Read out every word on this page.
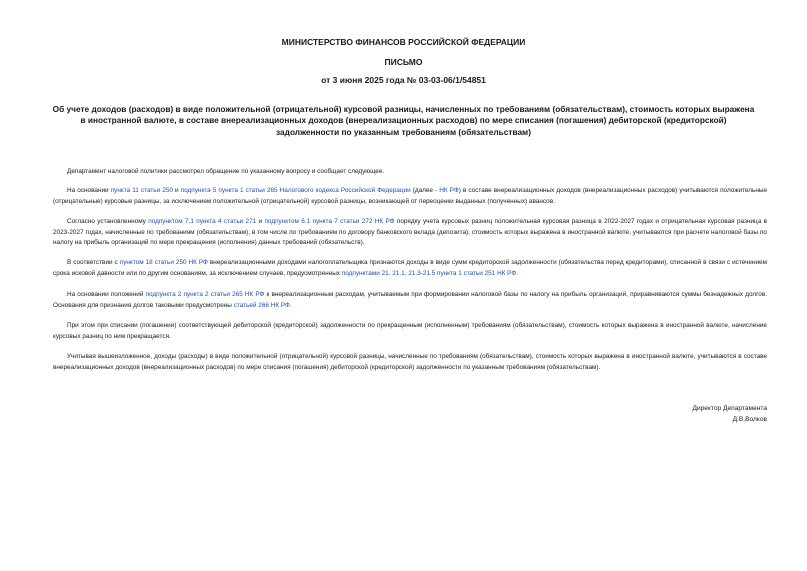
МИНИСТЕРСТВО ФИНАНСОВ РОССИЙСКОЙ ФЕДЕРАЦИИ
ПИСЬМО
от 3 июня 2025 года № 03-03-06/1/54851
Об учете доходов (расходов) в виде положительной (отрицательной) курсовой разницы, начисленных по требованиям (обязательствам), стоимость которых выражена в иностранной валюте, в составе внереализационных доходов (внереализационных расходов) по мере списания (погашения) дебиторской (кредиторской) задолженности по указанным требованиям (обязательствам)

Департамент налоговой политики рассмотрел обращение по указанному вопросу и сообщает следующее.

На основании пункта 11 статьи 250 и подпункта 5 пункта 1 статьи 265 Налогового кодекса Российской Федерации (далее - НК РФ) в составе внереализационных доходов (внереализационных расходов) учитываются положительные (отрицательные) курсовые разницы, за исключением положительной (отрицательной) курсовой разницы, возникающей от переоценки выданных (полученных) авансов.

Согласно установленному подпунктом 7.1 пункта 4 статьи 271 и подпунктом 6.1 пункта 7 статьи 272 НК РФ порядку учета курсовых разниц положительная курсовая разница в 2022-2027 годах и отрицательная курсовая разница в 2023-2027 годах, начисленные по требованиям (обязательствам), в том числе по требованиям по договору банковского вклада (депозита), стоимость которых выражена в иностранной валюте, учитываются при расчете налоговой базы по налогу на прибыль организаций по мере прекращения (исполнения) данных требований (обязательств).

В соответствии с пунктом 18 статьи 250 НК РФ внереализационными доходами налогоплательщика признаются доходы в виде сумм кредиторской задолженности (обязательства перед кредиторами), списанной в связи с истечением срока исковой давности или по другим основаниям, за исключением случаев, предусмотренных подпунктами 21, 21.1, 21.3-21.5 пункта 1 статьи 251 НК РФ.

На основании положений подпункта 2 пункта 2 статьи 265 НК РФ к внереализационным расходам, учитываемым при формировании налоговой базы по налогу на прибыль организаций, приравниваются суммы безнадежных долгов. Основания для признания долгов таковыми предусмотрены статьей 266 НК РФ.

При этом при списании (погашении) соответствующей дебиторской (кредиторской) задолженности по прекращенным (исполненным) требованиям (обязательствам), стоимость которых выражена в иностранной валюте, начисление курсовых разниц по ним прекращается.

Учитывая вышеизложенное, доходы (расходы) в виде положительной (отрицательной) курсовой разницы, начисленные по требованиям (обязательствам), стоимость которых выражена в иностранной валюте, учитываются в составе внереализационных доходов (внереализационных расходов) по мере списания (погашения) дебиторской (кредиторской) задолженности по указанным требованиям (обязательствам).

Директор Департамента
Д.В.Волков
